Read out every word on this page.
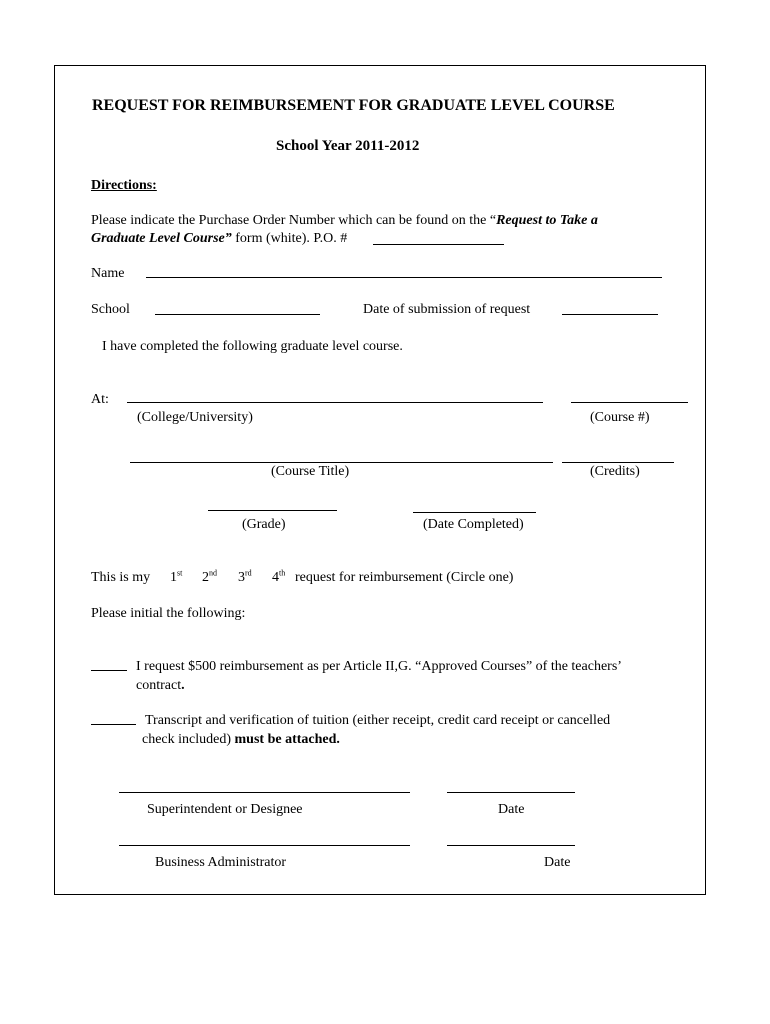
REQUEST FOR REIMBURSEMENT FOR GRADUATE LEVEL COURSE
School Year 2011-2012
Directions:
Please indicate the Purchase Order Number which can be found on the “Request to Take a
Graduate Level Course” form (white). P.O. #
Name
School	Date of submission of request
I have completed the following graduate level course.
At:
(College/University)	(Course #)
(Course Title)	(Credits)
(Grade)	(Date Completed)
This is my 1st 2nd 3rd 4th request for reimbursement (Circle one)
Please initial the following:
I request $500 reimbursement as per Article II,G. “Approved Courses” of the teachers’
contract.
Transcript and verification of tuition (either receipt, credit card receipt or cancelled
check included) must be attached.
Superintendent or Designee	Date
Business Administrator	Date
